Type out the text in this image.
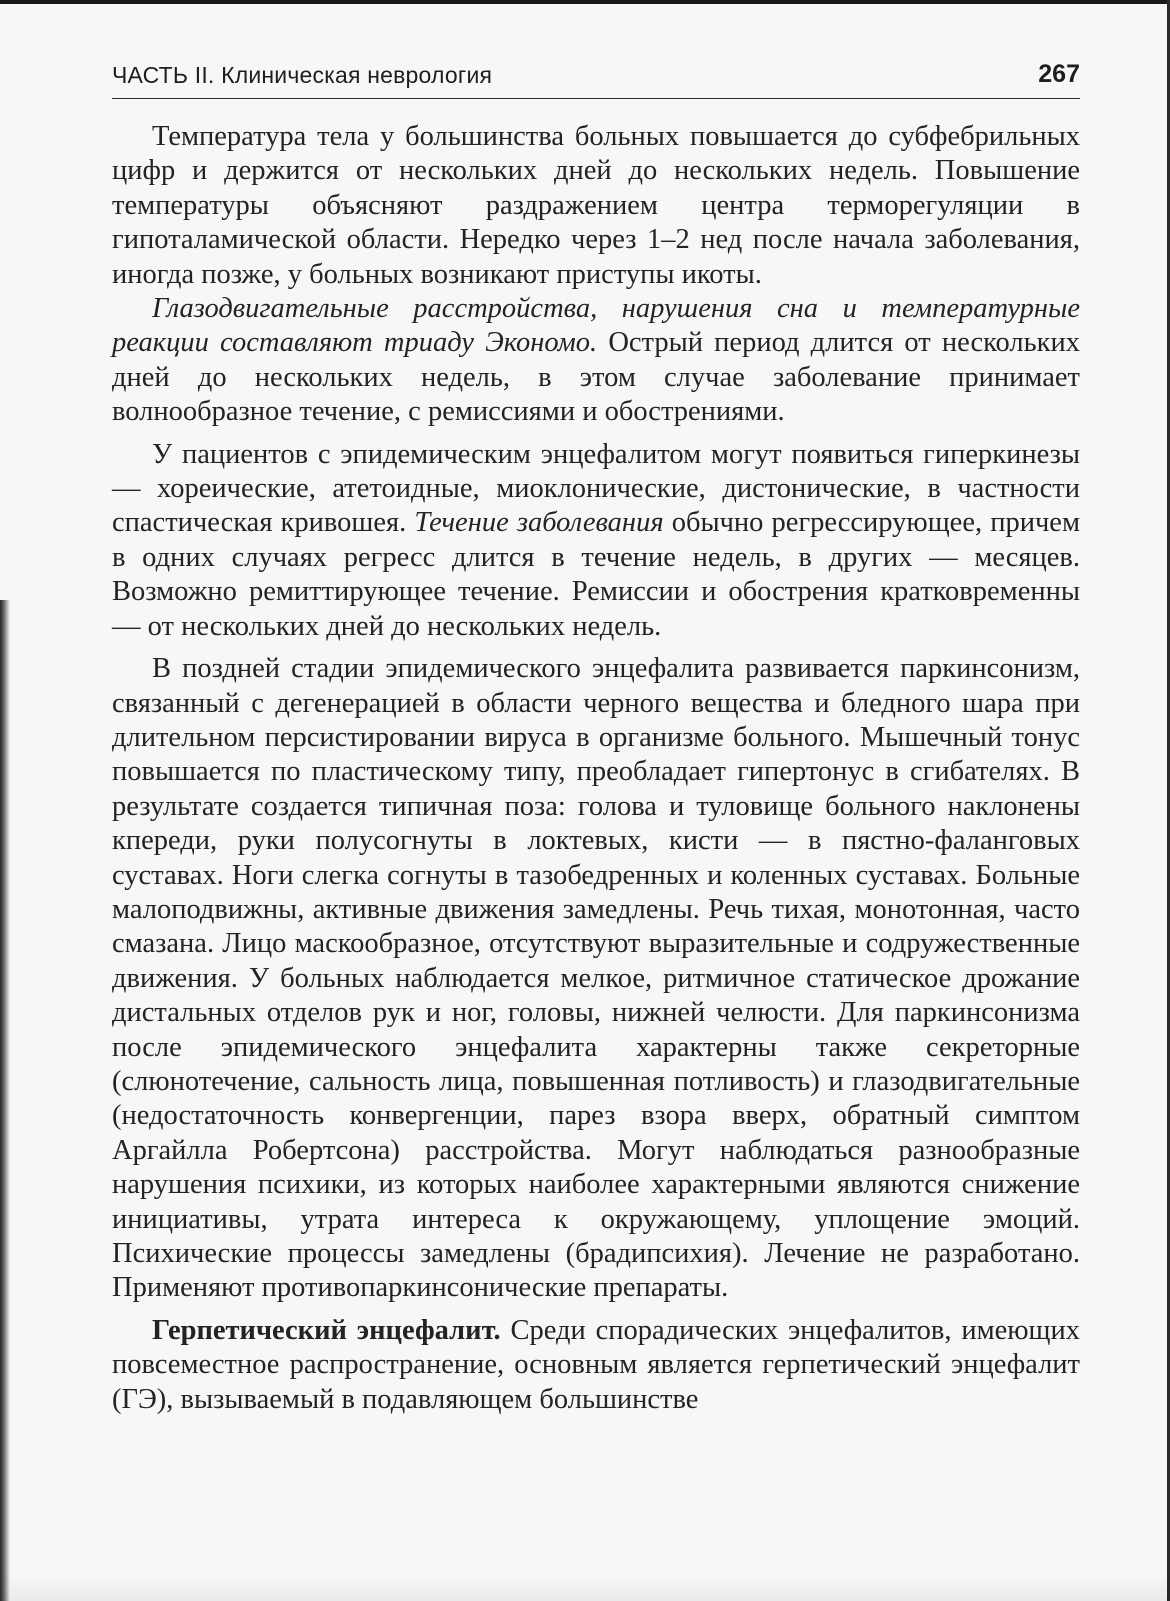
ЧАСТЬ II. Клиническая неврология	267

Температура тела у большинства больных повышается до субфебрильных цифр и держится от нескольких дней до нескольких недель. Повышение температуры объясняют раздражением центра терморегуляции в гипоталамической области. Нередко через 1–2 нед после начала заболевания, иногда позже, у больных возникают приступы икоты.

Глазодвигательные расстройства, нарушения сна и температурные реакции составляют триаду Экономо. Острый период длится от нескольких дней до нескольких недель, в этом случае заболевание принимает волнообразное течение, с ремиссиями и обострениями.

У пациентов с эпидемическим энцефалитом могут появиться гиперкинезы — хореические, атетоидные, миоклонические, дистонические, в частности спастическая кривошея. Течение заболевания обычно регрессирующее, причем в одних случаях регресс длится в течение недель, в других — месяцев. Возможно ремиттирующее течение. Ремиссии и обострения кратковременны — от нескольких дней до нескольких недель.

В поздней стадии эпидемического энцефалита развивается паркинсонизм, связанный с дегенерацией в области черного вещества и бледного шара при длительном персистировании вируса в организме больного. Мышечный тонус повышается по пластическому типу, преобладает гипертонус в сгибателях. В результате создается типичная поза: голова и туловище больного наклонены кпереди, руки полусогнуты в локтевых, кисти — в пястно-фаланговых суставах. Ноги слегка согнуты в тазобедренных и коленных суставах. Больные малоподвижны, активные движения замедлены. Речь тихая, монотонная, часто смазана. Лицо маскообразное, отсутствуют выразительные и содружественные движения. У больных наблюдается мелкое, ритмичное статическое дрожание дистальных отделов рук и ног, головы, нижней челюсти. Для паркинсонизма после эпидемического энцефалита характерны также секреторные (слюнотечение, сальность лица, повышенная потливость) и глазодвигательные (недостаточность конвергенции, парез взора вверх, обратный симптом Аргайлла Робертсона) расстройства. Могут наблюдаться разнообразные нарушения психики, из которых наиболее характерными являются снижение инициативы, утрата интереса к окружающему, уплощение эмоций. Психические процессы замедлены (брадипсихия). Лечение не разработано. Применяют противопаркинсонические препараты.

Герпетический энцефалит. Среди спорадических энцефалитов, имеющих повсеместное распространение, основным является герпетический энцефалит (ГЭ), вызываемый в подавляющем большинстве
